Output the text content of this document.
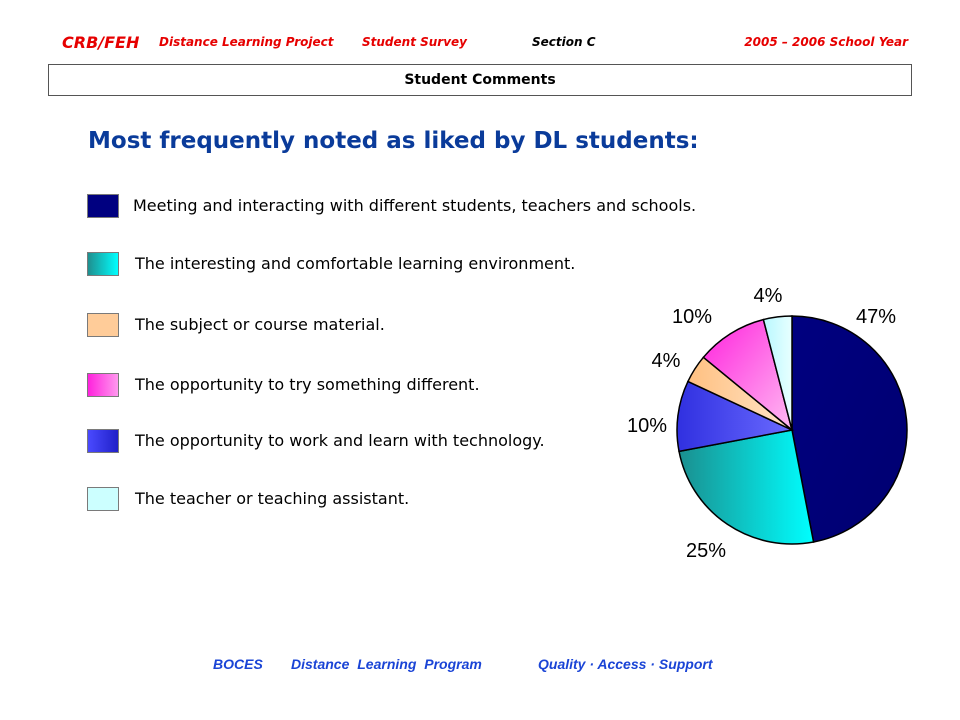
CRB/FEH Distance Learning Project Student Survey	Section C	2005 – 2006 School Year
Student Comments
Most frequently noted as liked by DL students:
Meeting and interacting with different students, teachers and schools.
The interesting and comfortable learning environment.
The subject or course material.
The opportunity to try something different.
The opportunity to work and learn with technology.
The teacher or teaching assistant.
47%
25%
10%
4%
10%
4%
BOCES Distance Learning Program	Quality · Access · Support
